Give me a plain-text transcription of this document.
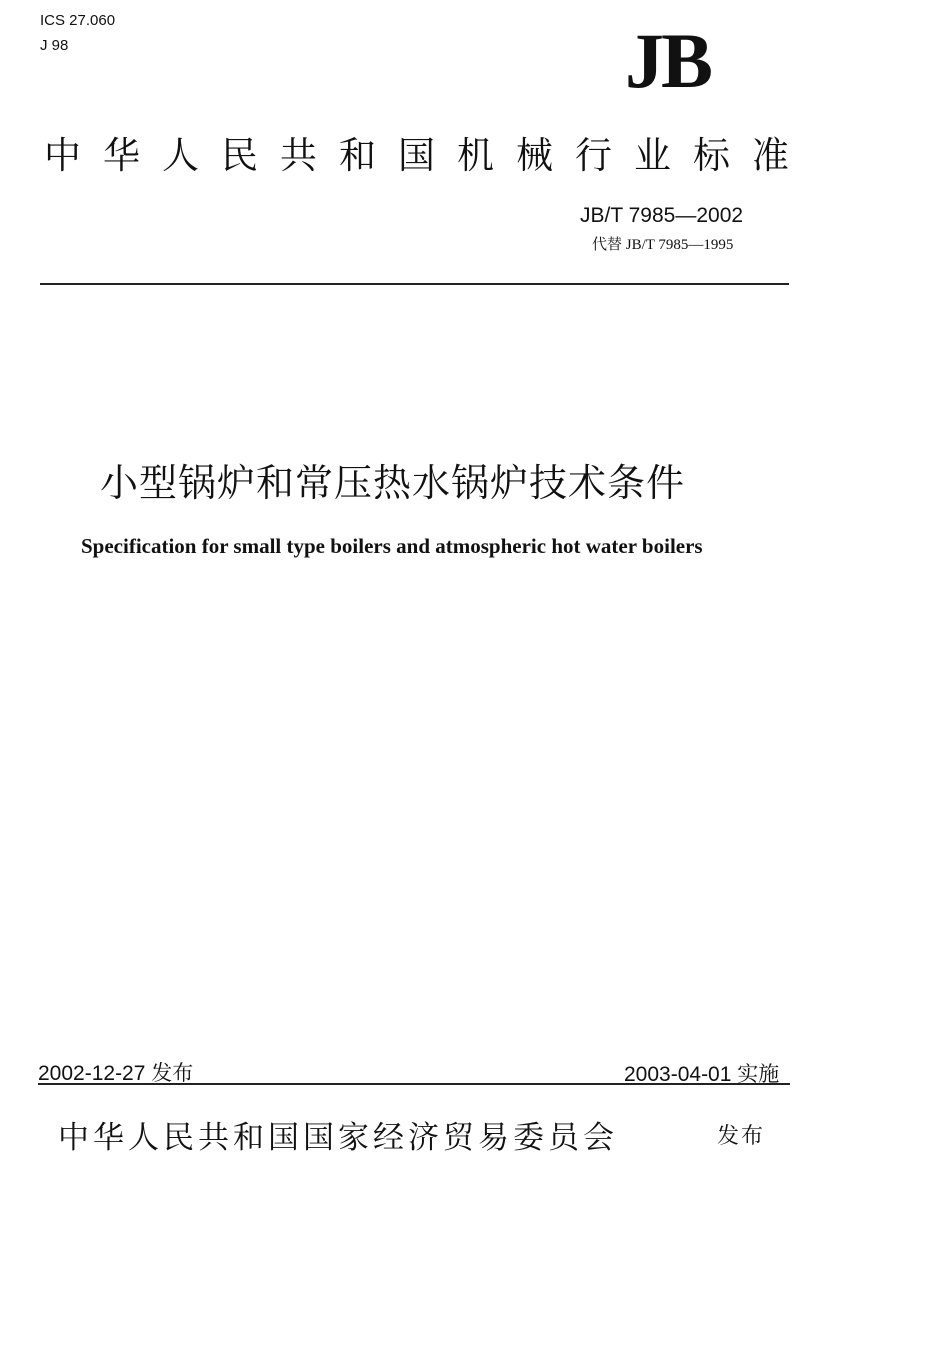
ICS 27.060
J 98	JB
中华人民共和国机械行业标准
JB/T 7985—2002
代替 JB/T 7985—1995
小型锅炉和常压热水锅炉技术条件
Specification for small type boilers and atmospheric hot water boilers
2002-12-27 发布	2003-04-01 实施
中华人民共和国国家经济贸易委员会	发布
